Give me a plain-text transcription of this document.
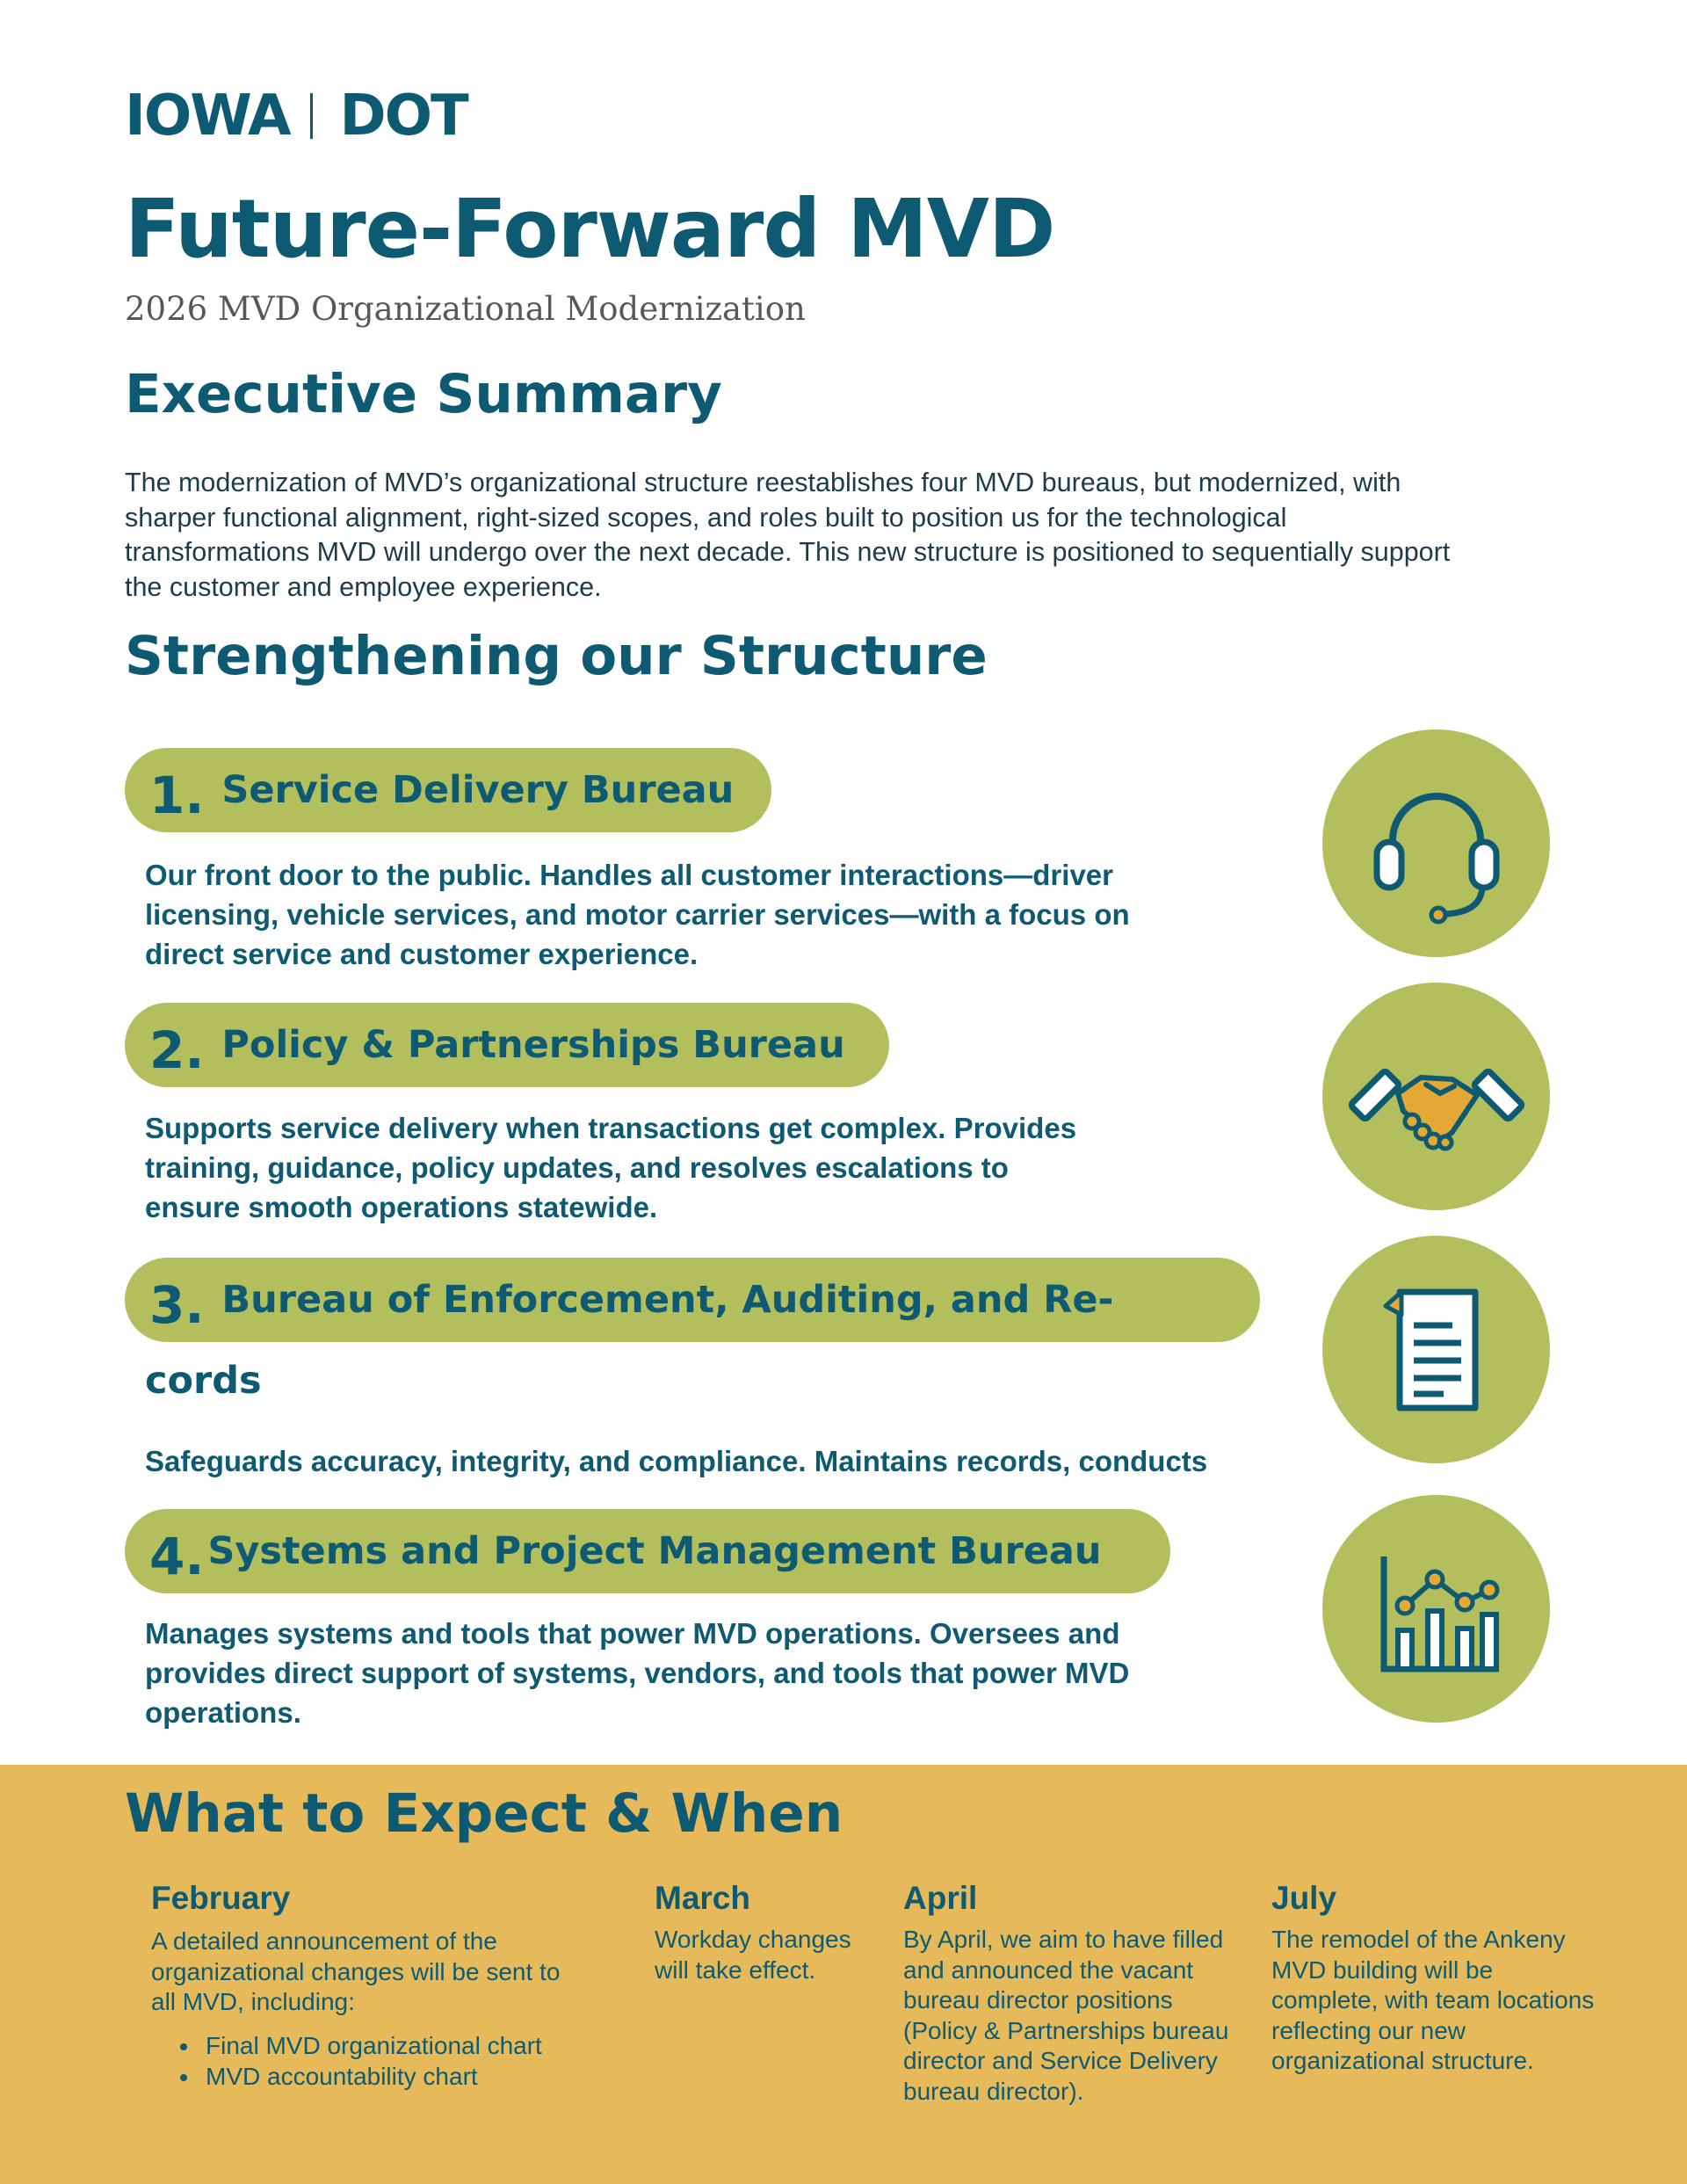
IOWA DOT
Future-Forward MVD
2026 MVD Organizational Modernization
Executive Summary
The modernization of MVD’s organizational structure reestablishes four MVD bureaus, but modernized, with sharper functional alignment, right-sized scopes, and roles built to position us for the technological transformations MVD will undergo over the next decade. This new structure is positioned to sequentially support the customer and employee experience.
Strengthening our Structure
1. Service Delivery Bureau
Our front door to the public. Handles all customer interactions—driver licensing, vehicle services, and motor carrier services—with a focus on direct service and customer experience.
2. Policy & Partnerships Bureau
Supports service delivery when transactions get complex. Provides training, guidance, policy updates, and resolves escalations to ensure smooth operations statewide.
3. Bureau of Enforcement, Auditing, and Re-
cords
Safeguards accuracy, integrity, and compliance. Maintains records, conducts
4. Systems and Project Management Bureau
Manages systems and tools that power MVD operations. Oversees and provides direct support of systems, vendors, and tools that power MVD operations.
What to Expect & When
February
A detailed announcement of the organizational changes will be sent to all MVD, including:
• Final MVD organizational chart
• MVD accountability chart
March
Workday changes will take effect.
April
By April, we aim to have filled and announced the vacant bureau director positions (Policy & Partnerships bureau director and Service Delivery bureau director).
July
The remodel of the Ankeny MVD building will be complete, with team locations reflecting our new organizational structure.
